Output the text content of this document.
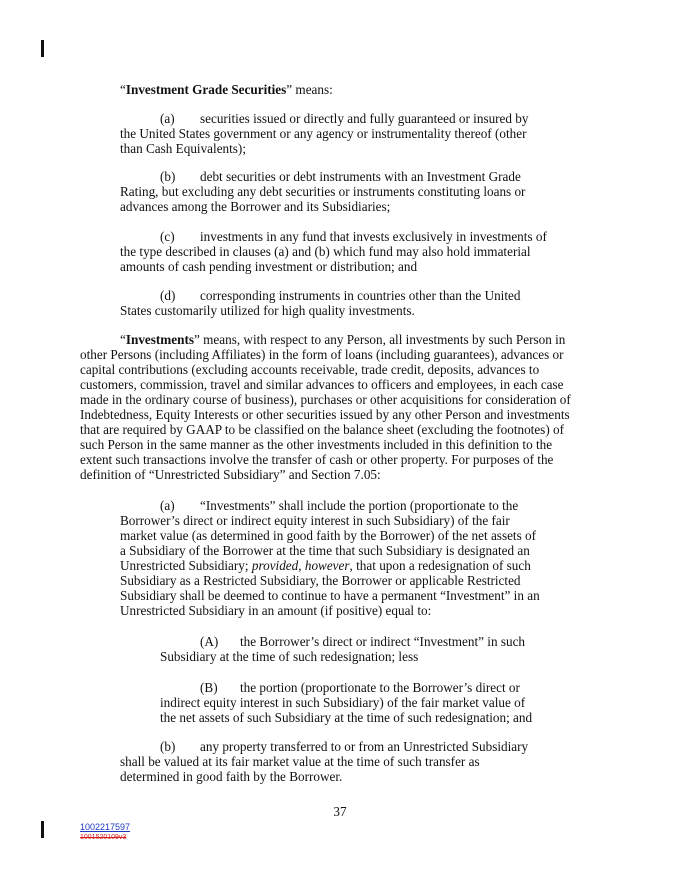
“Investment Grade Securities” means:
(a) securities issued or directly and fully guaranteed or insured by
the United States government or any agency or instrumentality thereof (other
than Cash Equivalents);
(b) debt securities or debt instruments with an Investment Grade
Rating, but excluding any debt securities or instruments constituting loans or
advances among the Borrower and its Subsidiaries;
(c) investments in any fund that invests exclusively in investments of
the type described in clauses (a) and (b) which fund may also hold immaterial
amounts of cash pending investment or distribution; and
(d) corresponding instruments in countries other than the United
States customarily utilized for high quality investments.
“Investments” means, with respect to any Person, all investments by such Person in
other Persons (including Affiliates) in the form of loans (including guarantees), advances or
capital contributions (excluding accounts receivable, trade credit, deposits, advances to
customers, commission, travel and similar advances to officers and employees, in each case
made in the ordinary course of business), purchases or other acquisitions for consideration of
Indebtedness, Equity Interests or other securities issued by any other Person and investments
that are required by GAAP to be classified on the balance sheet (excluding the footnotes) of
such Person in the same manner as the other investments included in this definition to the
extent such transactions involve the transfer of cash or other property. For purposes of the
definition of “Unrestricted Subsidiary” and Section 7.05:
(a) “Investments” shall include the portion (proportionate to the
Borrower’s direct or indirect equity interest in such Subsidiary) of the fair
market value (as determined in good faith by the Borrower) of the net assets of
a Subsidiary of the Borrower at the time that such Subsidiary is designated an
Unrestricted Subsidiary; provided, however, that upon a redesignation of such
Subsidiary as a Restricted Subsidiary, the Borrower or applicable Restricted
Subsidiary shall be deemed to continue to have a permanent “Investment” in an
Unrestricted Subsidiary in an amount (if positive) equal to:
(A) the Borrower’s direct or indirect “Investment” in such
Subsidiary at the time of such redesignation; less
(B) the portion (proportionate to the Borrower’s direct or
indirect equity interest in such Subsidiary) of the fair market value of
the net assets of such Subsidiary at the time of such redesignation; and
(b) any property transferred to or from an Unrestricted Subsidiary
shall be valued at its fair market value at the time of such transfer as
determined in good faith by the Borrower.
37
1002217597
1001520109v3
